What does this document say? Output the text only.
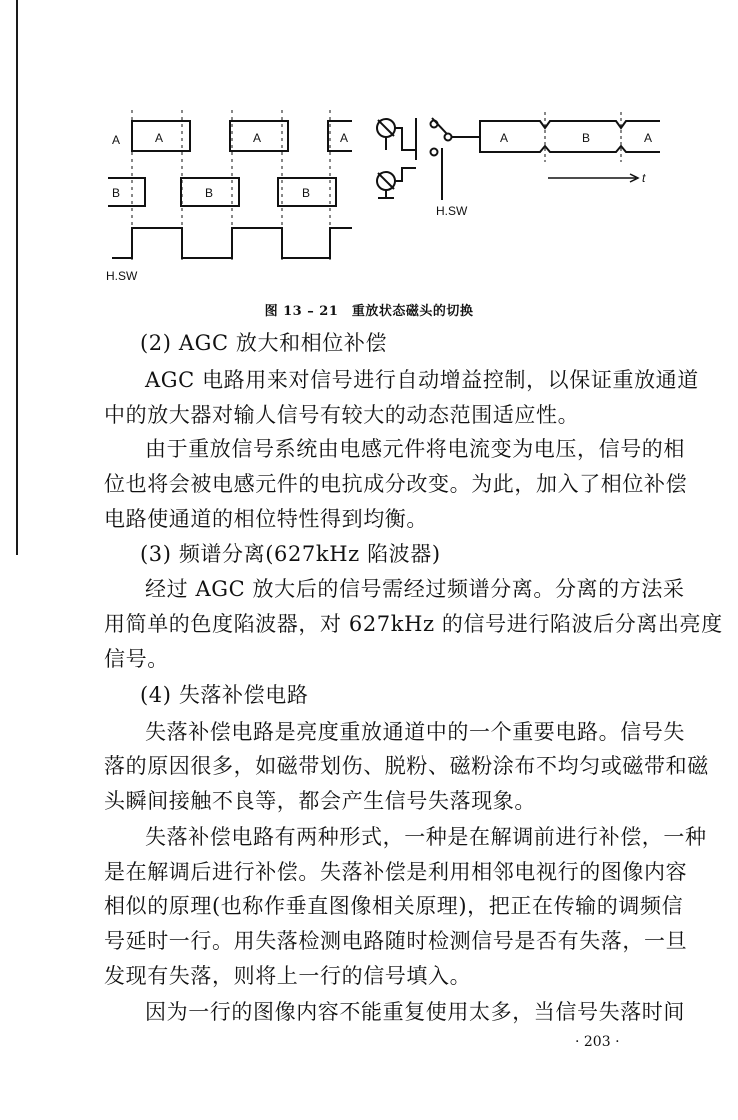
A
B
H.SW
A	A	A
B	B
A	B	A
H.SW
t
图 13 – 21　重放状态磁头的切换
(2) AGC 放大和相位补偿
AGC 电路用来对信号进行自动增益控制，以保证重放通道
中的放大器对输人信号有较大的动态范围适应性。
由于重放信号系统由电感元件将电流变为电压，信号的相
位也将会被电感元件的电抗成分改变。为此，加入了相位补偿
电路使通道的相位特性得到均衡。
(3) 频谱分离(627kHz 陷波器)
经过 AGC 放大后的信号需经过频谱分离。分离的方法采
用简单的色度陷波器，对 627kHz 的信号进行陷波后分离出亮度
信号。
(4) 失落补偿电路
失落补偿电路是亮度重放通道中的一个重要电路。信号失
落的原因很多，如磁带划伤、脱粉、磁粉涂布不均匀或磁带和磁
头瞬间接触不良等，都会产生信号失落现象。
失落补偿电路有两种形式，一种是在解调前进行补偿，一种
是在解调后进行补偿。失落补偿是利用相邻电视行的图像内容
相似的原理(也称作垂直图像相关原理)，把正在传输的调频信
号延时一行。用失落检测电路随时检测信号是否有失落，一旦
发现有失落，则将上一行的信号填入。
因为一行的图像内容不能重复使用太多，当信号失落时间
· 203 ·
